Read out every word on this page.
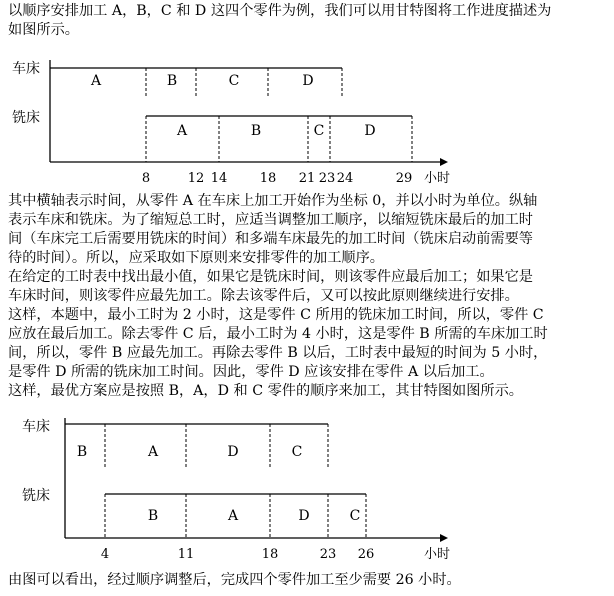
以顺序安排加工 A，B，C 和 D 这四个零件为例，我们可以用甘特图将工作进度描述为
如图所示。
车床
铣床
A	B	C	D
A	B	C	D
8	12 14 18 21 23 24	29 小时
其中横轴表示时间，从零件 A 在车床上加工开始作为坐标 0，并以小时为单位。纵轴
表示车床和铣床。为了缩短总工时，应适当调整加工顺序，以缩短铣床最后的加工时
间（车床完工后需要用铣床的时间）和多端车床最先的加工时间（铣床启动前需要等
待的时间）。所以，应采取如下原则来安排零件的加工顺序。
在给定的工时表中找出最小值，如果它是铣床时间，则该零件应最后加工；如果它是
车床时间，则该零件应最先加工。除去该零件后，又可以按此原则继续进行安排。
这样，本题中，最小工时为 2 小时，这是零件 C 所用的铣床加工时间，所以，零件 C
应放在最后加工。除去零件 C 后，最小工时为 4 小时，这是零件 B 所需的车床加工时
间，所以，零件 B 应最先加工。再除去零件 B 以后，工时表中最短的时间为 5 小时，
是零件 D 所需的铣床加工时间。因此，零件 D 应该安排在零件 A 以后加工。
这样，最优方案应是按照 B，A，D 和 C 零件的顺序来加工，其甘特图如图所示。
车床
铣床
B	A	D	C
B	A	D	C
4	11	18	23 26	小时
由图可以看出，经过顺序调整后，完成四个零件加工至少需要 26 小时。
